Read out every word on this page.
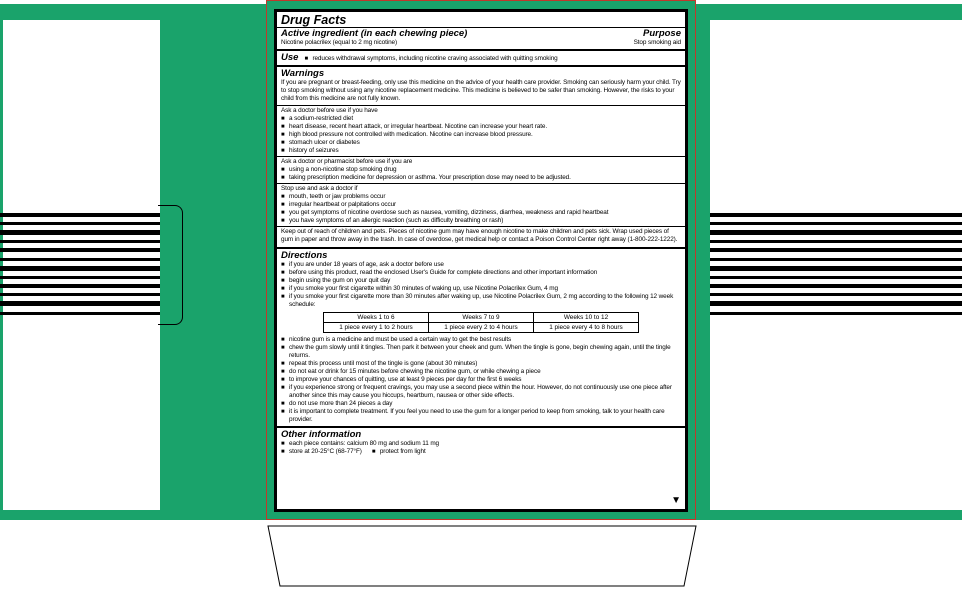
Drug Facts
Active ingredient (in each chewing piece)	Purpose
Nicotine polacrilex (equal to 2 mg nicotine)	Stop smoking aid
Use	■ reduces withdrawal symptoms, including nicotine craving associated with quitting smoking
Warnings
If you are pregnant or breast-feeding, only use this medicine on the advice of your health care provider. Smoking can seriously harm your child. Try to stop smoking without using any nicotine replacement medicine. This medicine is believed to be safer than smoking. However, the risks to your child from this medicine are not fully known.
Ask a doctor before use if you have
■ a sodium-restricted diet
■ heart disease, recent heart attack, or irregular heartbeat. Nicotine can increase your heart rate.
■ high blood pressure not controlled with medication. Nicotine can increase blood pressure.
■ stomach ulcer or diabetes
■ history of seizures
Ask a doctor or pharmacist before use if you are
■ using a non-nicotine stop smoking drug
■ taking prescription medicine for depression or asthma. Your prescription dose may need to be adjusted.
Stop use and ask a doctor if
■ mouth, teeth or jaw problems occur
■ irregular heartbeat or palpitations occur
■ you get symptoms of nicotine overdose such as nausea, vomiting, dizziness, diarrhea, weakness and rapid heartbeat
■ you have symptoms of an allergic reaction (such as difficulty breathing or rash)
Keep out of reach of children and pets. Pieces of nicotine gum may have enough nicotine to make children and pets sick. Wrap used pieces of gum in paper and throw away in the trash. In case of overdose, get medical help or contact a Poison Control Center right away (1-800-222-1222).
Directions
■ if you are under 18 years of age, ask a doctor before use
■ before using this product, read the enclosed User's Guide for complete directions and other important information
■ begin using the gum on your quit day
■ if you smoke your first cigarette within 30 minutes of waking up, use Nicotine Polacrilex Gum, 4 mg
■ if you smoke your first cigarette more than 30 minutes after waking up, use Nicotine Polacrilex Gum, 2 mg according to the following 12 week schedule:
Weeks 1 to 6	Weeks 7 to 9	Weeks 10 to 12
1 piece every 1 to 2 hours	1 piece every 2 to 4 hours	1 piece every 4 to 8 hours
■ nicotine gum is a medicine and must be used a certain way to get the best results
■ chew the gum slowly until it tingles. Then park it between your cheek and gum. When the tingle is gone, begin chewing again, until the tingle returns.
■ repeat this process until most of the tingle is gone (about 30 minutes)
■ do not eat or drink for 15 minutes before chewing the nicotine gum, or while chewing a piece
■ to improve your chances of quitting, use at least 9 pieces per day for the first 6 weeks
■ if you experience strong or frequent cravings, you may use a second piece within the hour. However, do not continuously use one piece after another since this may cause you hiccups, heartburn, nausea or other side effects.
■ do not use more than 24 pieces a day
■ it is important to complete treatment. If you feel you need to use the gum for a longer period to keep from smoking, talk to your health care provider.
Other information
■ each piece contains: calcium 80 mg and sodium 11 mg
■ store at 20-25°C (68-77°F)	■ protect from light
▼
